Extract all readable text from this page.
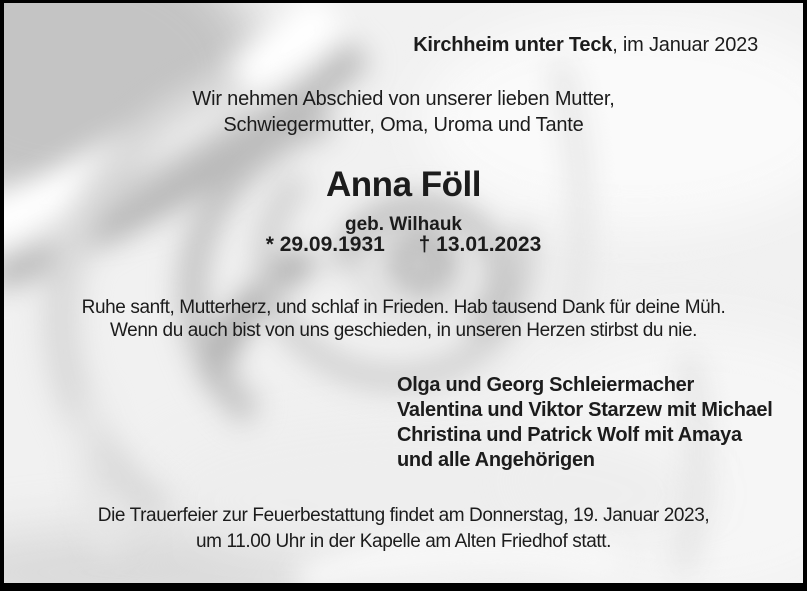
Kirchheim unter Teck, im Januar 2023
Wir nehmen Abschied von unserer lieben Mutter,
Schwiegermutter, Oma, Uroma und Tante
Anna Föll
geb. Wilhauk
* 29.09.1931 † 13.01.2023
Ruhe sanft, Mutterherz, und schlaf in Frieden. Hab tausend Dank für deine Müh.
Wenn du auch bist von uns geschieden, in unseren Herzen stirbst du nie.
Olga und Georg Schleiermacher
Valentina und Viktor Starzew mit Michael
Christina und Patrick Wolf mit Amaya
und alle Angehörigen
Die Trauerfeier zur Feuerbestattung findet am Donnerstag, 19. Januar 2023,
um 11.00 Uhr in der Kapelle am Alten Friedhof statt.
